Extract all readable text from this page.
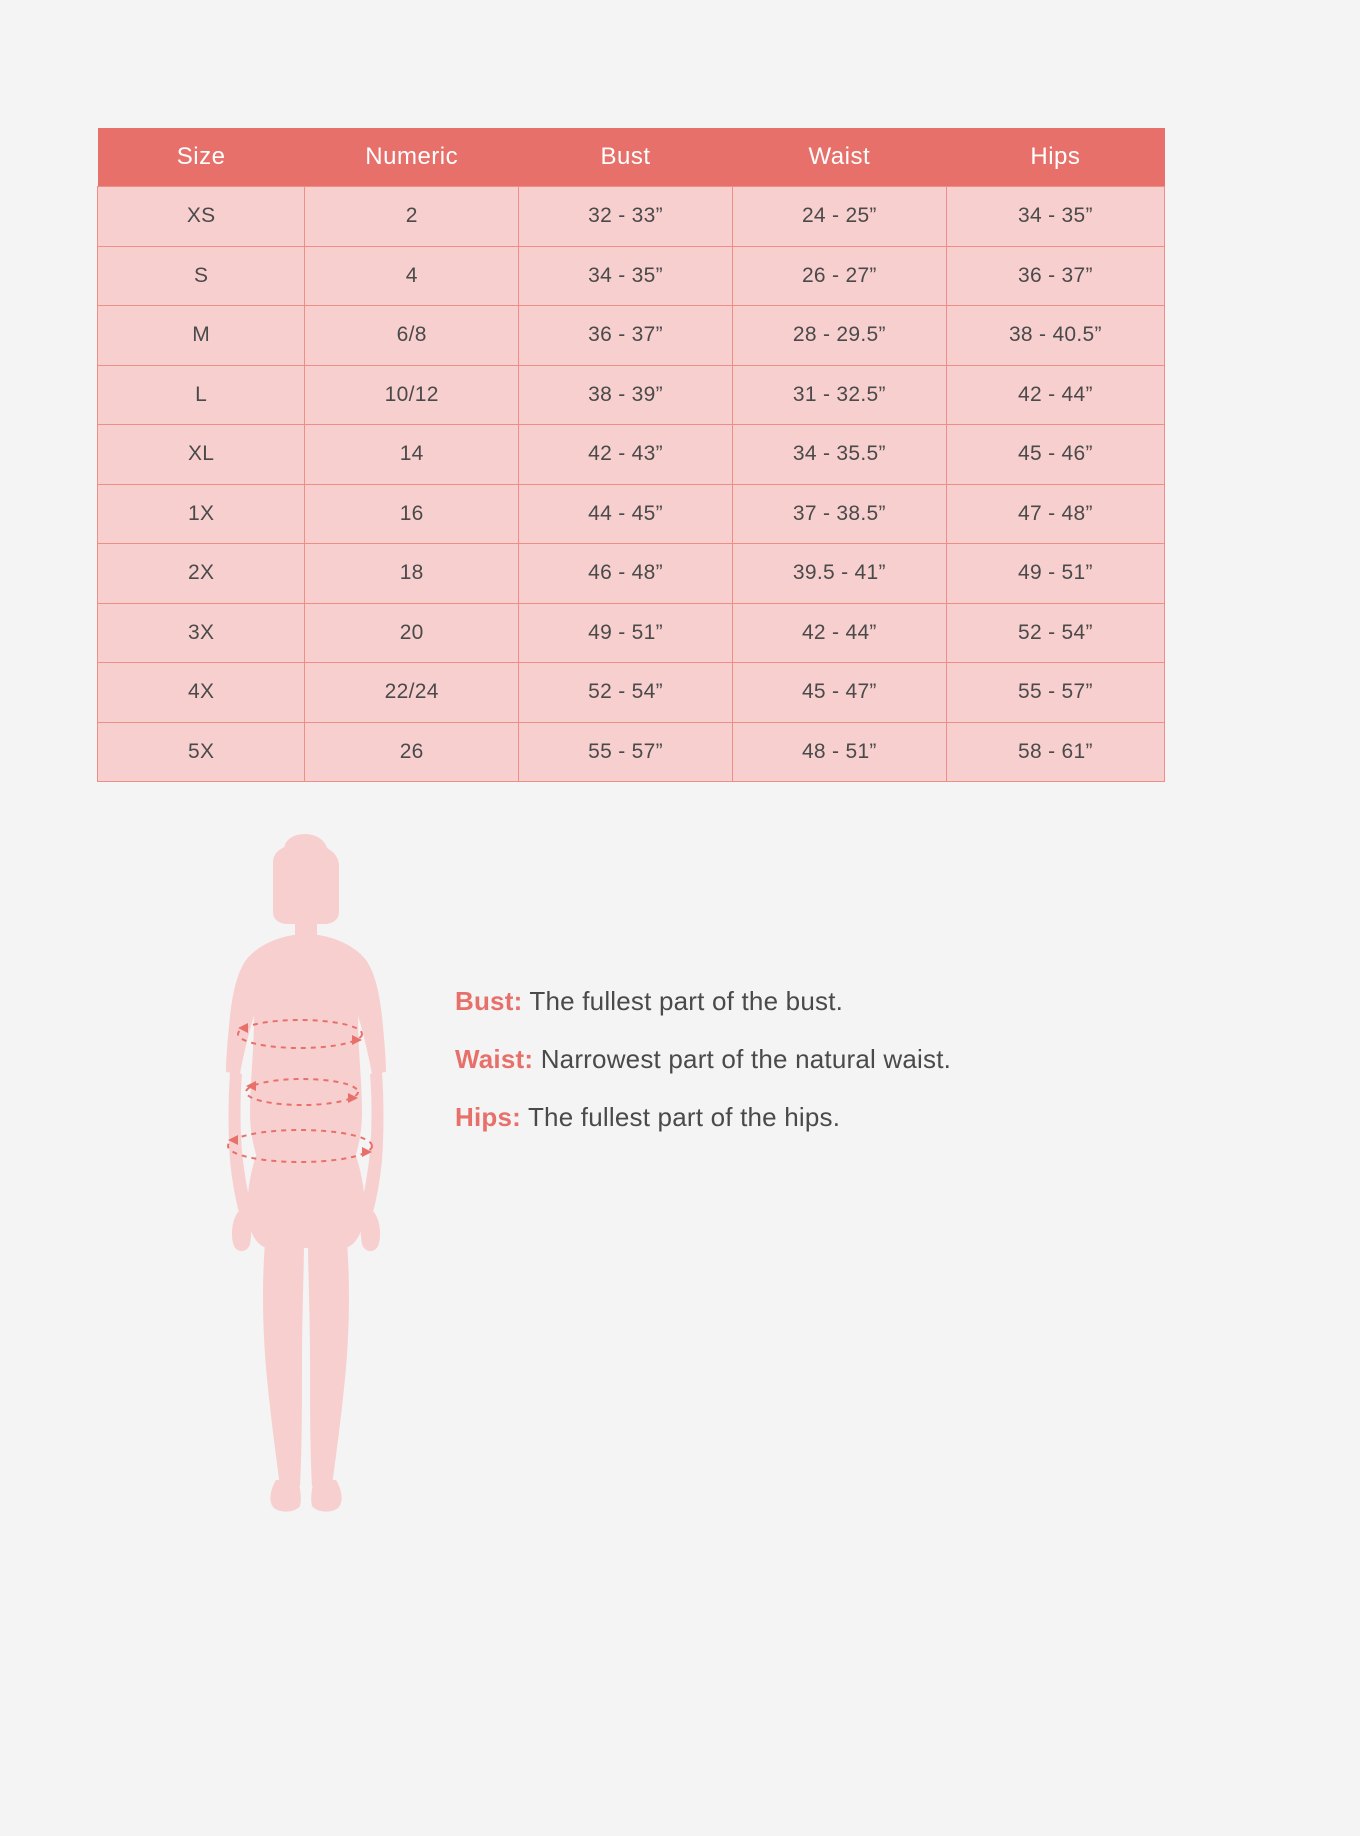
Size	Numeric	Bust	Waist	Hips
XS	2	32 - 33”	24 - 25”	34 - 35”
S	4	34 - 35”	26 - 27”	36 - 37”
M	6/8	36 - 37”	28 - 29.5”	38 - 40.5”
L	10/12	38 - 39”	31 - 32.5”	42 - 44”
XL	14	42 - 43”	34 - 35.5”	45 - 46”
1X	16	44 - 45”	37 - 38.5”	47 - 48”
2X	18	46 - 48”	39.5 - 41”	49 - 51”
3X	20	49 - 51”	42 - 44”	52 - 54”
4X	22/24	52 - 54”	45 - 47”	55 - 57”
5X	26	55 - 57”	48 - 51”	58 - 61”
Bust: The fullest part of the bust.
Waist: Narrowest part of the natural waist.
Hips: The fullest part of the hips.
